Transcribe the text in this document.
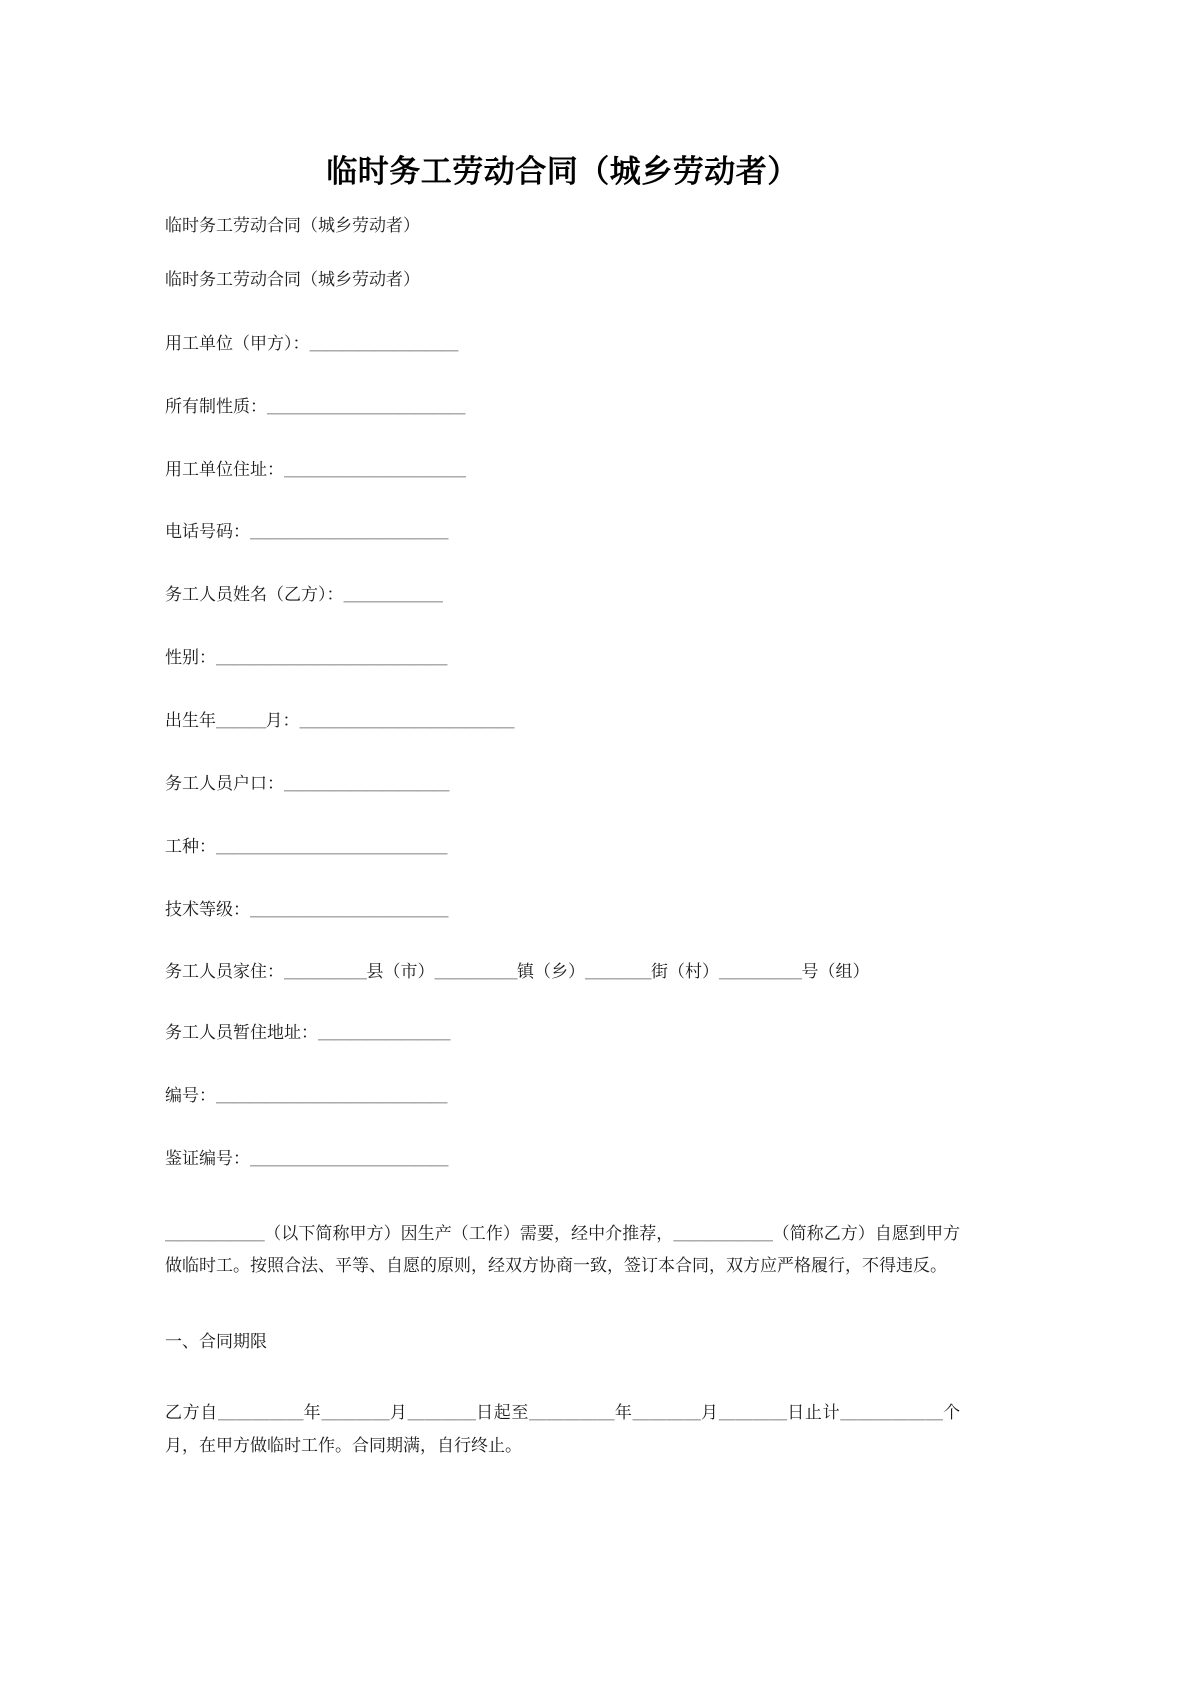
临时务工劳动合同（城乡劳动者）

临时务工劳动合同（城乡劳动者）

临时务工劳动合同（城乡劳动者）

用工单位（甲方）：＿＿＿＿＿＿＿＿＿

所有制性质：＿＿＿＿＿＿＿＿＿＿＿＿

用工单位住址：＿＿＿＿＿＿＿＿＿＿＿

电话号码：＿＿＿＿＿＿＿＿＿＿＿＿

务工人员姓名（乙方）：＿＿＿＿＿＿

性别：＿＿＿＿＿＿＿＿＿＿＿＿＿＿

出生年＿＿＿月：＿＿＿＿＿＿＿＿＿＿＿＿＿

务工人员户口：＿＿＿＿＿＿＿＿＿＿

工种：＿＿＿＿＿＿＿＿＿＿＿＿＿＿

技术等级：＿＿＿＿＿＿＿＿＿＿＿＿

务工人员家住：＿＿＿＿＿县（市）＿＿＿＿＿镇（乡）＿＿＿＿街（村）＿＿＿＿＿号（组）

务工人员暂住地址：＿＿＿＿＿＿＿＿

编号：＿＿＿＿＿＿＿＿＿＿＿＿＿＿

鉴证编号：＿＿＿＿＿＿＿＿＿＿＿＿

＿＿＿＿＿＿（以下简称甲方）因生产（工作）需要，经中介推荐，＿＿＿＿＿＿（简称乙方）自愿到甲方做临时工。按照合法、平等、自愿的原则，经双方协商一致，签订本合同，双方应严格履行，不得违反。

一、合同期限

乙方自＿＿＿＿＿年＿＿＿＿月＿＿＿＿日起至＿＿＿＿＿年＿＿＿＿月＿＿＿＿日止计＿＿＿＿＿＿个月，在甲方做临时工作。合同期满，自行终止。
